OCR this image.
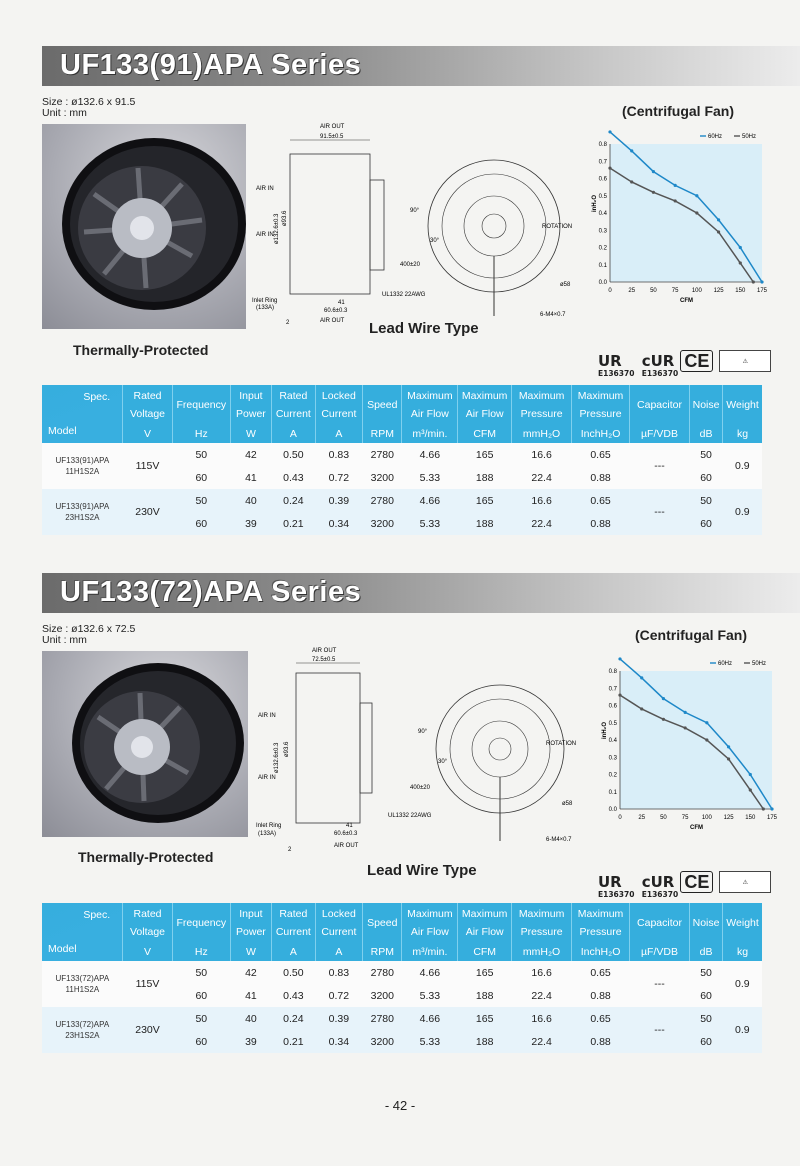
UF133(91)APA Series
Size : ø132.6 x 91.5
Unit : mm
Thermally-Protected
91.5±0.5
AIR OUT
AIR IN
AIR IN ø132.6±0.3 ø93.6
41
60.6±0.3
Inlet Ring
(133A)
AIR OUT
2
ROTATION
400±20
UL1332 22AWG
6-M4×0.7
ø58
90°
30°
Lead Wire Type
(Centrifugal Fan)
0.0
0.1
0.2
0.3
0.4
0.5
0.6
0.7
0.8
0	25	50	75 100 125 150 175
CFM
inH₂O
60Hz	50Hz
UR
E136370
cUR
E136370
CE	⚠
Spec.
Model	Rated Voltage	Frequency	Input Power	Rated Current	Locked Current	Speed	Maximum Air Flow	Maximum Air Flow	Maximum Pressure	Maximum Pressure	Capacitor	Noise	Weight
	V	Hz	W	A	A	RPM	m³/min.	CFM	mmH₂O	InchH₂O	µF/VDB	dB	kg
UF133(91)APA 11H1S2A	115V	50	42	0.50	0.83	2780	4.66	165	16.6	0.65	---	50	0.9
		60	41	0.43	0.72	3200	5.33	188	22.4	0.88		60	
UF133(91)APA 23H1S2A	230V	50	40	0.24	0.39	2780	4.66	165	16.6	0.65	---	50	0.9
		60	39	0.21	0.34	3200	5.33	188	22.4	0.88		60	
UF133(72)APA Series
Size : ø132.6 x 72.5
Unit : mm
Thermally-Protected
72.5±0.5
AIR OUT
AIR IN
AIR IN
ø132.6±0.3 ø93.6
41
60.6±0.3
Inlet Ring
(133A)
AIR OUT
2
ROTATION
400±20
UL1332 22AWG
6-M4×0.7
ø58
90°
30°
Lead Wire Type
(Centrifugal Fan)
0.0
0.1
0.2
0.3
0.4
0.5
0.6
0.7
0.8
0	25	50	75 100 125 150 175
CFM
inH₂O
60Hz	50Hz
UR
E136370
cUR
E136370
CE	⚠
Spec.
Model	Rated Voltage	Frequency	Input Power	Rated Current	Locked Current	Speed	Maximum Air Flow	Maximum Air Flow	Maximum Pressure	Maximum Pressure	Capacitor	Noise	Weight
	V	Hz	W	A	A	RPM	m³/min.	CFM	mmH₂O	InchH₂O	µF/VDB	dB	kg
UF133(72)APA 11H1S2A	115V	50	42	0.50	0.83	2780	4.66	165	16.6	0.65	---	50	0.9
		60	41	0.43	0.72	3200	5.33	188	22.4	0.88		60	
UF133(72)APA 23H1S2A	230V	50	40	0.24	0.39	2780	4.66	165	16.6	0.65	---	50	0.9
		60	39	0.21	0.34	3200	5.33	188	22.4	0.88		60	
- 42 -
